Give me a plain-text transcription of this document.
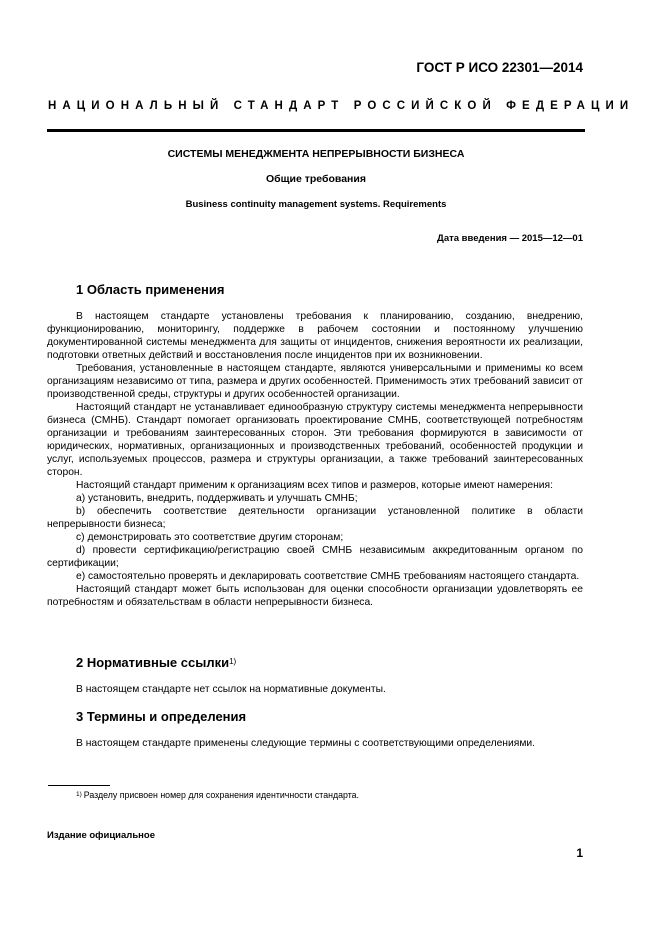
ГОСТ Р ИСО 22301—2014
НАЦИОНАЛЬНЫЙ СТАНДАРТ РОССИЙСКОЙ ФЕДЕРАЦИИ
СИСТЕМЫ МЕНЕДЖМЕНТА НЕПРЕРЫВНОСТИ БИЗНЕСА
Общие требования
Business continuity management systems. Requirements
Дата введения — 2015—12—01
1 Область применения

В настоящем стандарте установлены требования к планированию, созданию, внедрению, функционированию, мониторингу, поддержке в рабочем состоянии и постоянному улучшению документированной системы менеджмента для защиты от инцидентов, снижения вероятности их реализации, подготовки ответных действий и восстановления после инцидентов при их возникновении.

Требования, установленные в настоящем стандарте, являются универсальными и применимы ко всем организациям независимо от типа, размера и других особенностей. Применимость этих требований зависит от производственной среды, структуры и других особенностей организации.

Настоящий стандарт не устанавливает единообразную структуру системы менеджмента непрерывности бизнеса (СМНБ). Стандарт помогает организовать проектирование СМНБ, соответствующей потребностям организации и требованиям заинтересованных сторон. Эти требования формируются в зависимости от юридических, нормативных, организационных и производственных требований, особенностей продукции и услуг, используемых процессов, размера и структуры организации, а также требований заинтересованных сторон.

Настоящий стандарт применим к организациям всех типов и размеров, которые имеют намерения:

а) установить, внедрить, поддерживать и улучшать СМНБ;

b) обеспечить соответствие деятельности организации установленной политике в области непрерывности бизнеса;

с) демонстрировать это соответствие другим сторонам;

d) провести сертификацию/регистрацию своей СМНБ независимым аккредитованным органом по сертификации;

е) самостоятельно проверять и декларировать соответствие СМНБ требованиям настоящего стандарта.

Настоящий стандарт может быть использован для оценки способности организации удовлетворять ее потребностям и обязательствам в области непрерывности бизнеса.

2 Нормативные ссылки$^{1)}$

В настоящем стандарте нет ссылок на нормативные документы.

3 Термины и определения

В настоящем стандарте применены следующие термины с соответствующими определениями.

$^{1)}$ Разделу присвоен номер для сохранения идентичности стандарта.
Издание официальное
1
